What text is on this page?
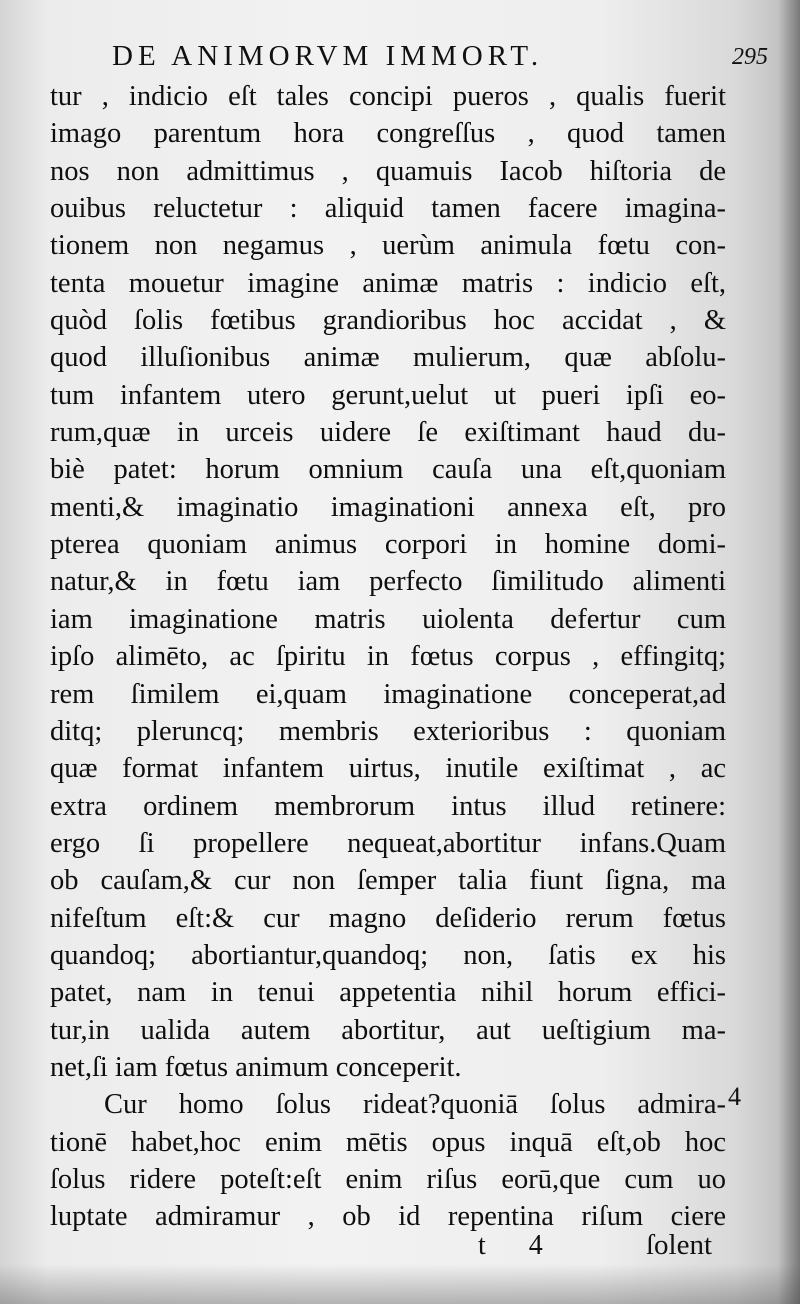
DE ANIMORVM IMMORT.	295
tur , indicio eſt tales concipi pueros , qualis fuerit
imago parentum hora congreſſus , quod tamen
nos non admittimus , quamuis Iacob hiſtoria de
ouibus reluctetur : aliquid tamen facere imagina-
tionem non negamus , uerùm animula fœtu con-
tenta mouetur imagine animæ matris : indicio eſt,
quòd ſolis fœtibus grandioribus hoc accidat , &
quod illuſionibus animæ mulierum, quæ abſolu-
tum infantem utero gerunt,uelut ut pueri ipſi eo-
rum,quæ in urceis uidere ſe exiſtimant haud du-
biè patet: horum omnium cauſa una eſt,quoniam
menti,& imaginatio imaginationi annexa eſt, pro
pterea quoniam animus corpori in homine domi-
natur,& in fœtu iam perfecto ſimilitudo alimenti
iam imaginatione matris uiolenta defertur cum
ipſo alimēto, ac ſpiritu in fœtus corpus , effingitq;
rem ſimilem ei,quam imaginatione conceperat,ad
ditq; pleruncq; membris exterioribus : quoniam
quæ format infantem uirtus, inutile exiſtimat , ac
extra ordinem membrorum intus illud retinere:
ergo ſi propellere nequeat,abortitur infans.Quam
ob cauſam,& cur non ſemper talia fiunt ſigna, ma
nifeſtum eſt:& cur magno deſiderio rerum fœtus
quandoq; abortiantur,quandoq; non, ſatis ex his
patet, nam in tenui appetentia nihil horum effici-
tur,in ualida autem abortitur, aut ueſtigium ma-
net,ſi iam fœtus animum conceperit.
Cur homo ſolus rideat?quoniā ſolus admira-
tionē habet,hoc enim mētis opus inquā eſt,ob hoc
ſolus ridere poteſt:eſt enim riſus eorū,que cum uo
luptate admiramur , ob id repentina riſum ciere
4
t 4	ſolent
